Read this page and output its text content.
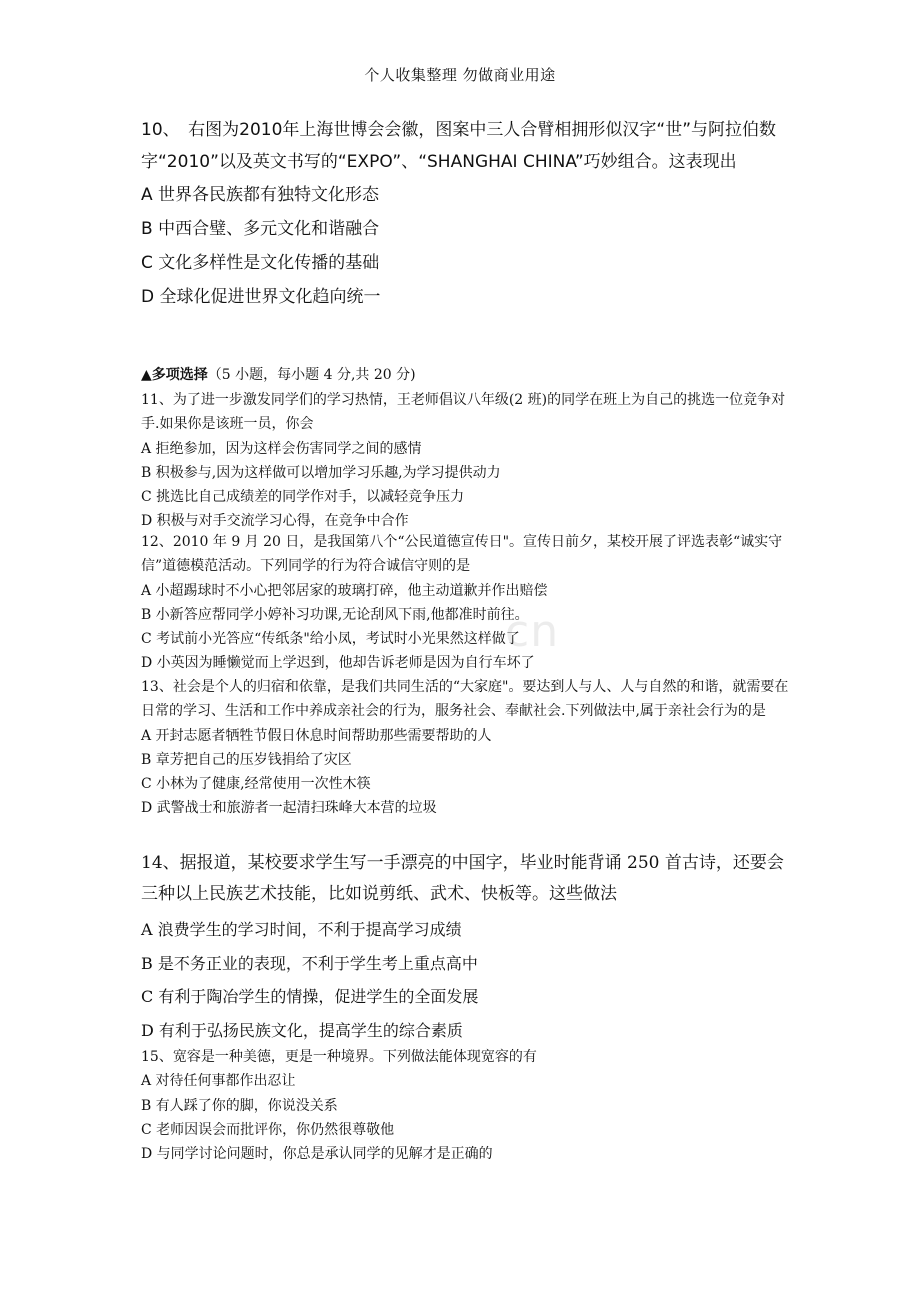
cn
个人收集整理 勿做商业用途

10、　右图为2010年上海世博会会徽，图案中三人合臂相拥形似汉字“世”与阿拉伯数字“2010”以及英文书写的“EXPO”、“SHANGHAI CHINA”巧妙组合。这表现出

A 世界各民族都有独特文化形态

B 中西合璧、多元文化和谐融合

C 文化多样性是文化传播的基础

D 全球化促进世界文化趋向统一

▲多项选择（5 小题，每小题 4 分,共 20 分)

11、为了进一步激发同学们的学习热情，王老师倡议八年级(2 班)的同学在班上为自己的挑选一位竞争对手.如果你是该班一员，你会

A 拒绝参加，因为这样会伤害同学之间的感情

B 积极参与,因为这样做可以增加学习乐趣,为学习提供动力

C 挑选比自己成绩差的同学作对手，以减轻竞争压力

D 积极与对手交流学习心得，在竞争中合作

12、2010 年 9 月 20 日，是我国第八个“公民道德宣传日"。宣传日前夕，某校开展了评选表彰“诚实守信”道德模范活动。下列同学的行为符合诚信守则的是

A 小超踢球时不小心把邻居家的玻璃打碎，他主动道歉并作出赔偿

B 小新答应帮同学小婷补习功课,无论刮风下雨,他都准时前往。

C 考试前小光答应“传纸条"给小凤，考试时小光果然这样做了

D 小英因为睡懒觉而上学迟到，他却告诉老师是因为自行车坏了

13、社会是个人的归宿和依靠，是我们共同生活的“大家庭"。要达到人与人、人与自然的和谐，就需要在日常的学习、生活和工作中养成亲社会的行为，服务社会、奉献社会.下列做法中,属于亲社会行为的是

A 开封志愿者牺牲节假日休息时间帮助那些需要帮助的人

B 章芳把自己的压岁钱捐给了灾区

C 小林为了健康,经常使用一次性木筷

D 武警战士和旅游者一起清扫珠峰大本营的垃圾

14、据报道，某校要求学生写一手漂亮的中国字，毕业时能背诵 250 首古诗，还要会三种以上民族艺术技能，比如说剪纸、武术、快板等。这些做法

A 浪费学生的学习时间，不利于提高学习成绩

B 是不务正业的表现，不利于学生考上重点高中

C 有利于陶冶学生的情操，促进学生的全面发展

D 有利于弘扬民族文化，提高学生的综合素质

15、宽容是一种美德，更是一种境界。下列做法能体现宽容的有

A 对待任何事都作出忍让

B 有人踩了你的脚，你说没关系

C 老师因误会而批评你，你仍然很尊敬他

D 与同学讨论问题时，你总是承认同学的见解才是正确的
